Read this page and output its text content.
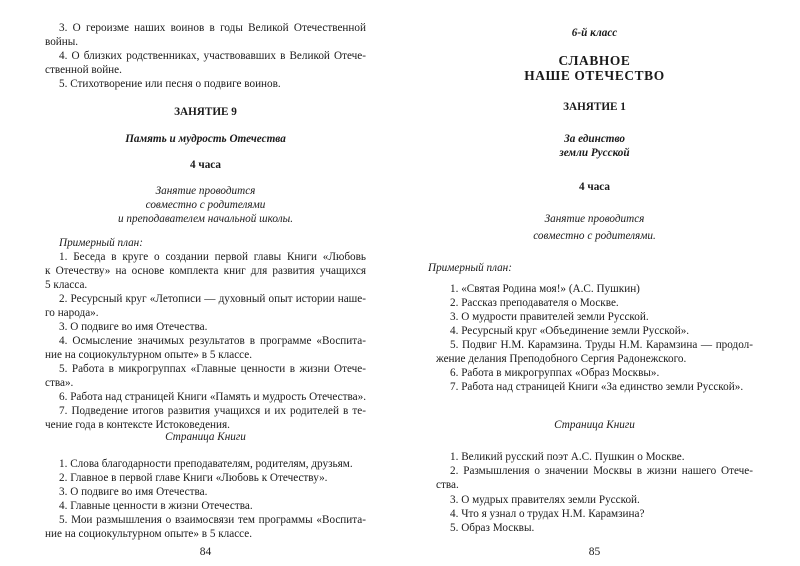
3. О героизме наших воинов в годы Великой Отечественной
войны.
4. О близких родственниках, участвовавших в Великой Отече-
ственной войне.
5. Стихотворение или песня о подвиге воинов.
ЗАНЯТИЕ 9
Память и мудрость Отечества
4 часа
Занятие проводится
совместно с родителями
и преподавателем начальной школы.
Примерный план:
1. Беседа в круге о создании первой главы Книги «Любовь
к Отечеству» на основе комплекта книг для развития учащихся
5 класса.
2. Ресурсный круг «Летописи — духовный опыт истории наше-
го народа».
3. О подвиге во имя Отечества.
4. Осмысление значимых результатов в программе «Воспита-
ние на социокультурном опыте» в 5 классе.
5. Работа в микрогруппах «Главные ценности в жизни Отече-
ства».
6. Работа над страницей Книги «Память и мудрость Отечества».
7. Подведение итогов развития учащихся и их родителей в те-
чение года в контексте Истоковедения.
Страница Книги
1. Слова благодарности преподавателям, родителям, друзьям.
2. Главное в первой главе Книги «Любовь к Отечеству».
3. О подвиге во имя Отечества.
4. Главные ценности в жизни Отечества.
5. Мои размышления о взаимосвязи тем программы «Воспита-
ние на социокультурном опыте» в 5 классе.
84
6-й класс
СЛАВНОЕ
НАШЕ ОТЕЧЕСТВО
ЗАНЯТИЕ 1
За единство
земли Русской
4 часа
Занятие проводится
совместно с родителями.
Примерный план:
1. «Святая Родина моя!» (А.С. Пушкин)
2. Рассказ преподавателя о Москве.
3. О мудрости правителей земли Русской.
4. Ресурсный круг «Объединение земли Русской».
5. Подвиг Н.М. Карамзина. Труды Н.М. Карамзина — продол-
жение делания Преподобного Сергия Радонежского.
6. Работа в микрогруппах «Образ Москвы».
7. Работа над страницей Книги «За единство земли Русской».
Страница Книги
1. Великий русский поэт А.С. Пушкин о Москве.
2. Размышления о значении Москвы в жизни нашего Отече-
ства.
3. О мудрых правителях земли Русской.
4. Что я узнал о трудах Н.М. Карамзина?
5. Образ Москвы.
85
